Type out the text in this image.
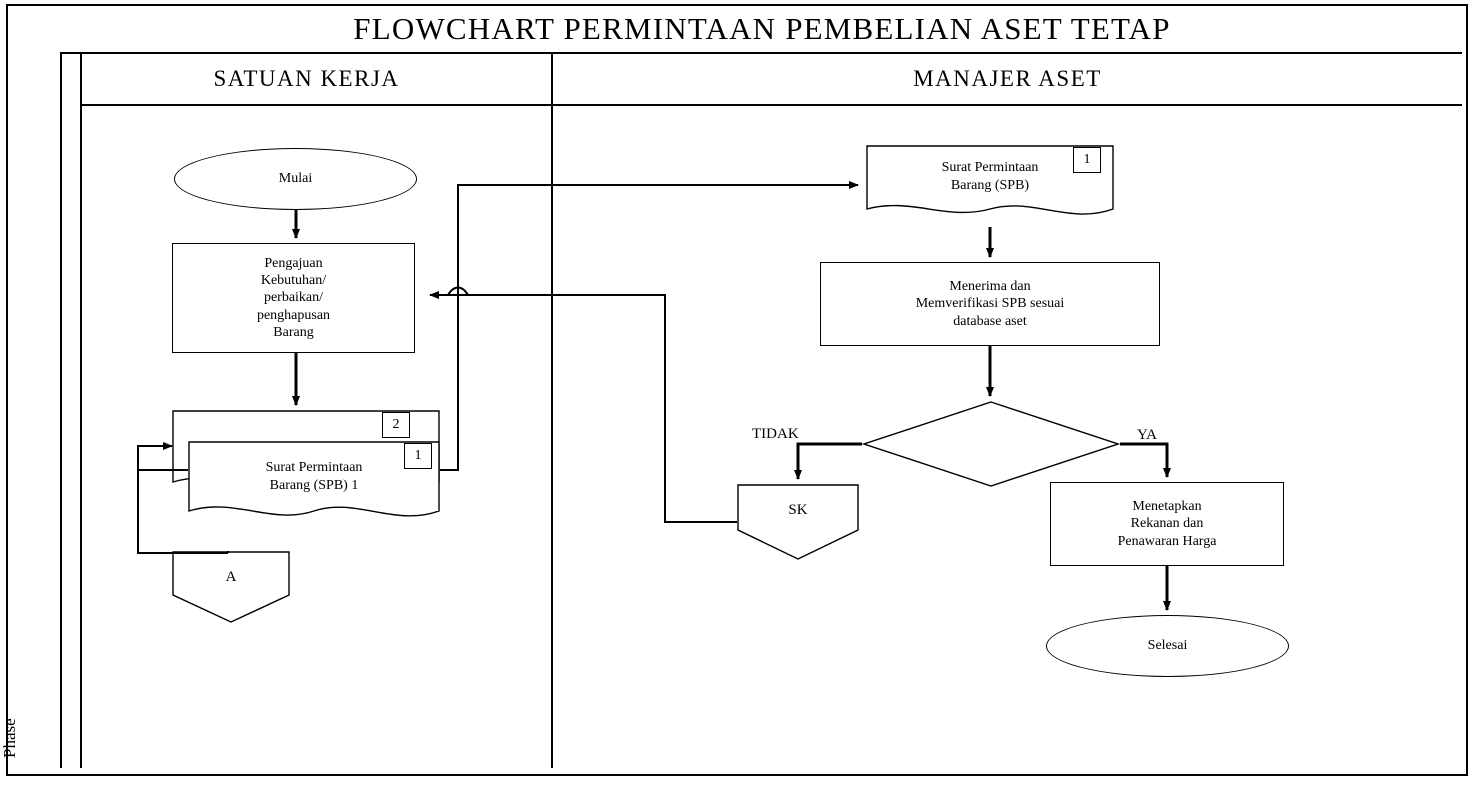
FLOWCHART PERMINTAAN PEMBELIAN ASET TETAP
Phase
SATUAN KERJA	MANAJER ASET
Mulai
Pengajuan
Kebutuhan/
perbaikan/
penghapusan
Barang
2
Surat Permintaan
Barang (SPB) 1
1
A
Surat Permintaan
Barang (SPB)
1
Menerima dan
Memverifikasi SPB sesuai
database aset
TIDAK	YA
SK	Menetapkan
Rekanan dan
Penawaran Harga
Selesai
